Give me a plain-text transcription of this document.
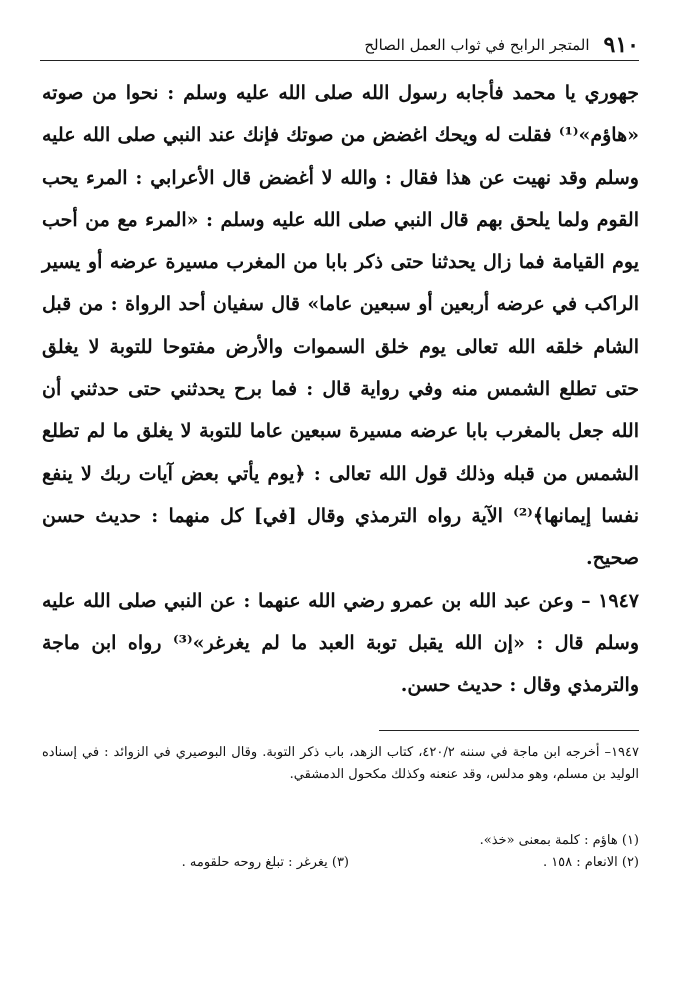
٩١٠
المتجر الرابح في ثواب العمل الصالح

جهوري يا محمد فأجابه رسول الله صلى الله عليه وسلم : نحوا من صوته «هاؤم»⁽¹⁾ فقلت له ويحك اغضض من صوتك فإنك عند النبي صلى الله عليه وسلم وقد نهيت عن هذا فقال : والله لا أغضض قال الأعرابي : المرء يحب القوم ولما يلحق بهم قال النبي صلى الله عليه وسلم : «المرء مع من أحب يوم القيامة فما زال يحدثنا حتى ذكر بابا من المغرب مسيرة عرضه أو يسير الراكب في عرضه أربعين أو سبعين عاما» قال سفيان أحد الرواة : من قبل الشام خلقه الله تعالى يوم خلق السموات والأرض مفتوحا للتوبة لا يغلق حتى تطلع الشمس منه وفي رواية قال : فما برح يحدثني حتى حدثني أن الله جعل بالمغرب بابا عرضه مسيرة سبعين عاما للتوبة لا يغلق ما لم تطلع الشمس من قبله وذلك قول الله تعالى : ﴿يوم يأتي بعض آيات ربك لا ينفع نفسا إيمانها﴾⁽²⁾ الآية رواه الترمذي وقال [في] كل منهما : حديث حسن صحيح.

١٩٤٧ – وعن عبد الله بن عمرو رضي الله عنهما : عن النبي صلى الله عليه وسلم قال : «إن الله يقبل توبة العبد ما لم يغرغر»⁽³⁾ رواه ابن ماجة والترمذي وقال : حديث حسن.

١٩٤٧– أخرجه ابن ماجة في سننه ٤٢٠/٢، كتاب الزهد، باب ذكر التوبة. وقال البوصيري في الزوائد : في إسناده الوليد بن مسلم، وهو مدلس، وقد عنعنه وكذلك مكحول الدمشقي.

(١) هاؤم : كلمة بمعنى «خذ».
(٢) الانعام : ١٥٨ .
(٣) يغرغر : تبلغ روحه حلقومه .
